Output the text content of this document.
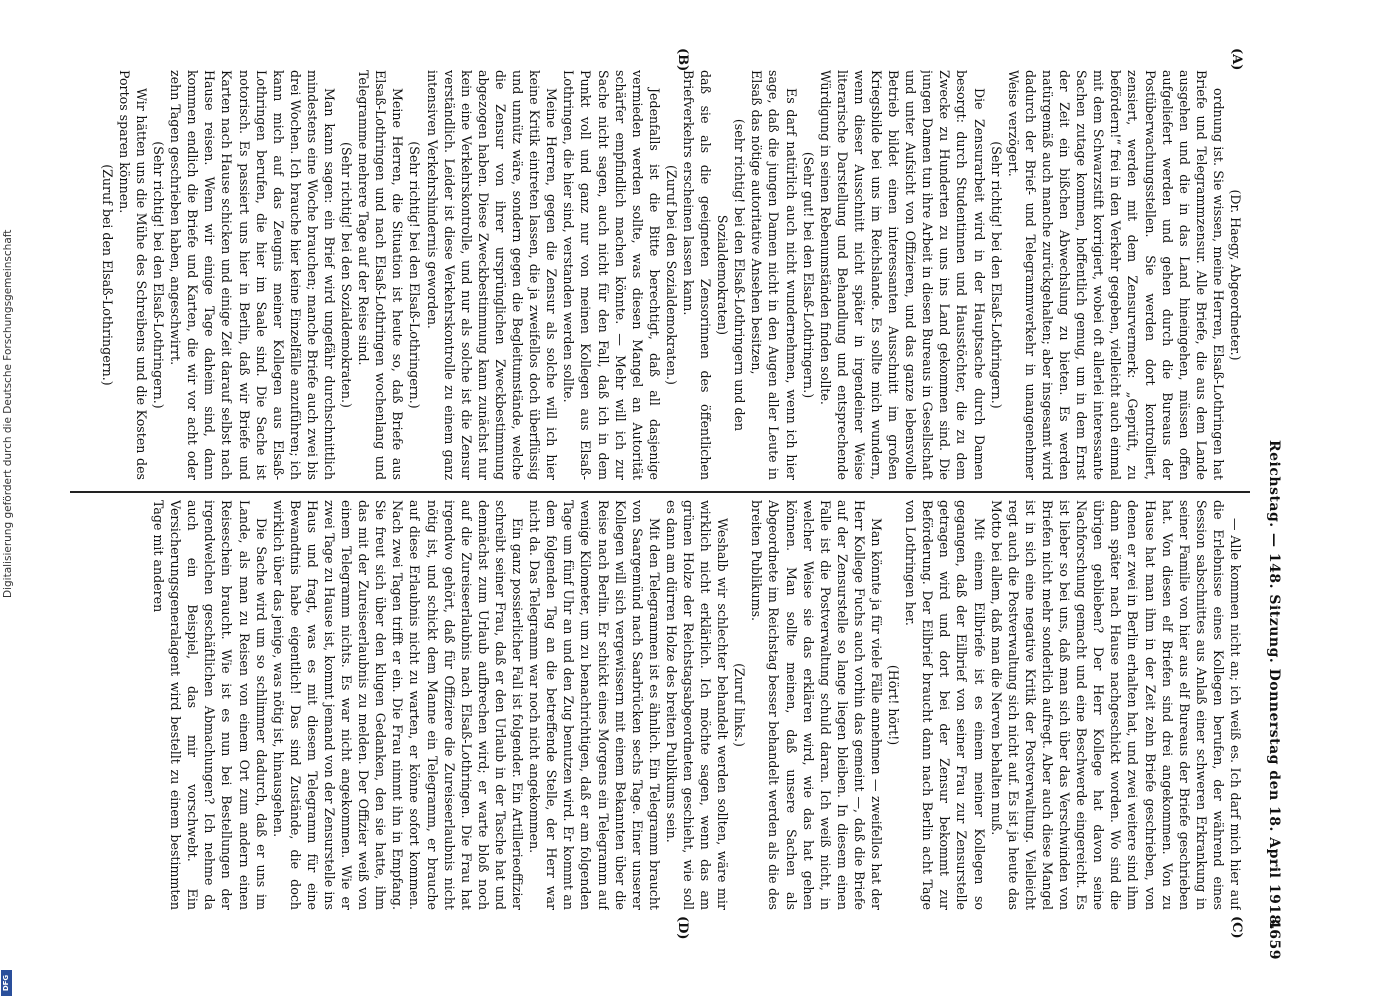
Reichstag. — 148. Sitzung. Donnerstag den 18. April 1918.
4659
(A)
(B)
(C)
(D)

(Dr. Haegy, Abgeordneter.)

ordnung ist. Sie wissen, meine Herren, Elsaß-Lothringen hat Briefe und Telegrammzensur. Alle Briefe, die aus dem Lande ausgehen und die in das Land hineingehen, müssen offen aufgeliefert werden und gehen durch die Bureaus der Postüberwachungsstellen. Sie werden dort kontrolliert, zensiert, werden mit dem Zensurvermerk: „Geprüft, zu befördern!“ frei in den Verkehr gegeben, vielleicht auch einmal mit dem Schwarzstift korrigiert, wobei oft allerlei interessante Sachen zutage kommen, hoffentlich gemug, um in dem Ernst der Zeit ein bißchen Abwechslung zu bieten. Es werden natürgemäß auch manche zurückgehalten; aber insgesamt wird dadurch der Brief- und Telegrammverkehr in unangenehmer Weise verzögert.

(Sehr richtig! bei den Elsaß-Lothringern.)

Die Zensurarbeit wird in der Hauptsache durch Damen besorgt: durch Studentinnen und Hausstöchter, die zu dem Zwecke zu Hunderten zu uns ins Land gekommen sind. Die jungen Damen tun ihre Arbeit in diesen Bureaus in Gesellschaft und unter Aufsicht von Offizieren, und das ganze lebensvolle Betrieb bildet einen interessanten Ausschnitt im großen Kriegsbilde bei uns im Reichslande. Es sollte mich wundern, wenn dieser Ausschnitt nicht später in irgendeiner Weise literarische Darstellung und Behandlung und entsprechende Würdigung in seinen Rebenumständen finden sollte.

(Sehr gut! bei den Elsaß-Lothringern.)

Es darf natürlich auch nicht wundernehmen, wenn ich hier sage, daß die jungen Damen nicht in den Augen aller Leute in Elsaß das nötige autoritative Ansehen besitzen,

(sehr richtig! bei den Elsaß-Lothringern und den Sozialdemokraten)

daß sie als die geeigneten Zensorinnen des öffentlichen Briefverkehrs erscheinen lassen kann.

(Zuruf bei den Sozialdemokraten.)

Jedenfalls ist die Bitte berechtigt, daß all dasjenige vermieden werden sollte, was diesen Mangel an Autorität schärfer empfindlich machen könnte. — Mehr will ich zur Sache nicht sagen, auch nicht für den Fall, daß ich in dem Punkt voll und ganz nur von meinen Kollegen aus Elsaß-Lothringen, die hier sind, verstanden werden sollte.

Meine Herren, gegen die Zensur als solche will ich hier keine Kritik eintreten lassen, die ja zweifellos doch überflüssig und unnütz wäre, sondern gegen die Begleitumstände, welche die Zensur von ihrer ursprünglichen Zweckbestimmung abgezogen haben. Diese Zweckbestimmung kann zunächst nur kein eine Verkehrskontrolle, und nur als solche ist die Zensur verständlich. Leider ist diese Verkehrskontrolle zu einem ganz intensiven Verkehrshindernis geworden.

(Sehr richtig! bei den Elsaß-Lothringern.)

Meine Herren, die Situation ist heute so, daß Briefe aus Elsaß-Lothringen und nach Elsaß-Lothringen wochenlang und Telegramme mehrere Tage auf der Reise sind.

(Sehr richtig! bei den Sozialdemokraten.)

Man kann sagen: ein Brief wird ungefähr durchschnittlich mindestens eine Woche brauchen; manche Briefe auch zwei bis drei Wochen. Ich brauche hier keine Einzelfälle anzuführen; ich kann mich auf das Zeugnis meiner Kollegen aus Elsaß-Lothringen berufen, die hier im Saale sind. Die Sache ist notorisch. Es passiert uns hier in Berlin, daß wir Briefe und Karten nach Hause schicken und einige Zeit darauf selbst nach Hause reisen. Wenn wir einige Tage daheim sind, dann kommen endlich die Briefe und Karten, die wir vor acht oder zehn Tagen geschrieben haben, angeschwirrt.

(Sehr richtig! bei den Elsaß-Lothringern.)

Wir hätten uns die Mühe des Schreibens und die Kosten des Portos sparen können.

(Zuruf bei den Elsaß-Lothringern.)

— Alle kommen nicht an; ich weiß es. Ich darf mich hier auf die Erlebnisse eines Kollegen berufen, der während eines Session sabschnittes aus Anlaß einer schweren Erkrankung in seiner Familie von hier aus elf Bureaus der Briefe geschrieben hat. Von diesen elf Briefen sind drei angekommen. Von zu Hause hat man ihm in der Zeit zehn Briefe geschrieben, von denen er zwei in Berlin erhalten hat, und zwei weitere sind ihm dann später nach Hause nachgeschickt worden. Wo sind die übrigen geblieben? Der Herr Kollege hat davon seine Nachforschung gemacht und eine Beschwerde eingereicht. Es ist lieber so bei uns, daß man sich über das Verschwinden von Briefen nicht mehr sonderlich aufregt. Aber auch diese Mangel ist in sich eine negative Kritik der Postverwaltung. Vielleicht regt auch die Postverwaltung sich nicht auf. Es ist ja heute das Motto bei allem, daß man die Nerven behalten muß.

Mit einem Eilbriefe ist es einem meiner Kollegen so gegangen, daß der Eilbrief von seiner Frau zur Zensurstelle getragen wird und dort bei der Zensur bekommt zur Beförderung. Der Eilbrief braucht dann nach Berlin acht Tage von Lothringen her.

(Hört! hört!)

Man könnte ja für viele Fälle annehmen — zweifellos hat der Herr Kollege Fuchs auch vorhin das gemeint —, daß die Briefe auf der Zensurstelle so lange liegen bleiben. In diesem einen Falle ist die Postverwaltung schuld daran. Ich weiß nicht, in welcher Weise sie das erklären wird, wie das hat gehen können. Man sollte meinen, daß unsere Sachen als Abgeordnete im Reichstag besser behandelt werden als die des breiten Publikums.

(Zuruf links.)

Weshalb wir schlechter behandelt werden sollten, wäre mir wirklich nicht erklärlich. Ich möchte sagen, wenn das am grünen Holze der Reichstagsabgeordneten geschieht, wie soll es dann am dürren Holze des breiten Publikums sein.

Mit den Telegrammen ist es ähnlich. Ein Telegramm braucht von Saargemünd nach Saarbrücken sechs Tage. Einer unserer Kollegen will sich vergewissern mit einem Bekannten über die Reise nach Berlin. Er schickt eines Morgens ein Telegramm auf wenige Kilometer, um zu benachrichtigen, daß er am folgenden Tage um fünf Uhr an und den Zug benutzen wird. Er kommt an dem folgenden Tag an die betreffende Stelle, der Herr war nicht da. Das Telegramm war noch nicht angekommen.

Ein ganz possierlicher Fall ist folgender. Ein Artillerieoffizier schreibt seiner Frau, daß er den Urlaub in der Tasche hat und demnächst zum Urlaub aufbrechen wird; er warte bloß noch auf die Zureiseerlaubnis nach Elsaß-Lothringen. Die Frau hat irgendwo gehört, daß für Offiziere die Zureiseerlaubnis nicht nötig ist, und schickt dem Manne ein Telegramm, er brauche auf diese Erlaubnis nicht zu warten, er könne sofort kommen. Nach zwei Tagen trifft er ein. Die Frau nimmt ihn in Empfang. Sie freut sich über den klugen Gedanken, den sie hatte, ihm das mit der Zureiseerlaubnis zu melden. Der Offizier weiß von einem Telegramm nichts. Es war nicht angekommen. Wie er zwei Tage zu Hause ist, kommt jemand von der Zensurstelle ins Haus und fragt, was es mit diesem Telegramm für eine Bewandtnis habe eigentlich! Das sind Zustände, die doch wirklich über das jenige, was nötig ist, hinausgehen.

Die Sache wird um so schlimmer dadurch, daß er uns im Lande, als man zu Reisen von einem Ort zum andern einen Reiseschein braucht. Wie ist es nun bei Bestellungen der irgendwelchen geschäftlichen Abmachungen? Ich nehme da auch ein Beispiel, das mir vorschwebt. Ein Versicherungsgeneralagent wird bestellt zu einem bestimmten Tage mit anderen

Digitalisierung gefördert durch die Deutsche Forschungsgemeinschaft
DFG
